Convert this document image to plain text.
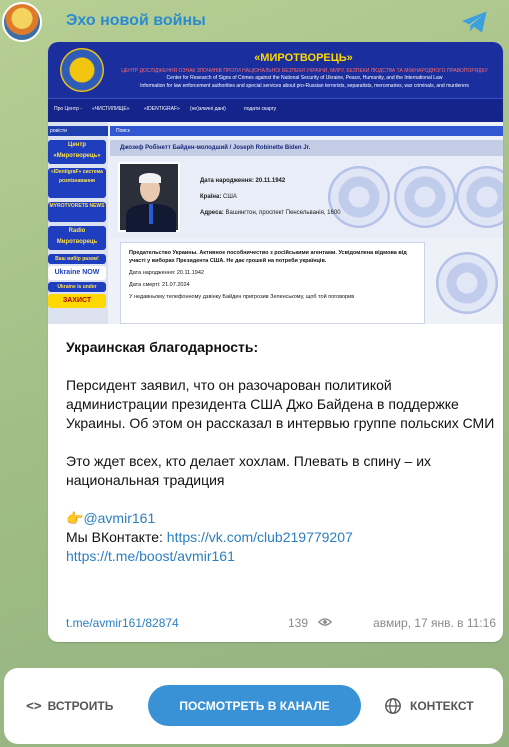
Эхо новой войны
«МИРОТВОРЕЦЬ»
ЦЕНТР ДОСЛІДЖЕННЯ ОЗНАК ЗЛОЧИНІВ ПРОТИ НАЦІОНАЛЬНОЇ БЕЗПЕКИ УКРАЇНИ, МИРУ, БЕЗПЕКИ ЛЮДСТВА ТА МІЖНАРОДНОГО ПРАВОПОРЯДКУ
Center for Research of Signs of Crimes against the National Security of Ukraine, Peace, Humanity, and the International Law
Information for law enforcement authorities and special services about pro-Russian terrorists, separatists, mercenaries, war criminals, and murderers
Про Центр - «ЧИСТИЛИЩЕ»	«IDENTIGRAF» (не)злачні дані)	подати скаргу
ровісти
Центр «Миротворець»
«IDentigraF» система розпізнавання
MYROTVORETS NEWS
Radio Миротворець
Ваш вибір разом!
Ukraine NOW
Ukraine is under
ЗАХИСТ
Поиск
Джозеф Робінетт Байден-молодший / Joseph Robinette Biden Jr.
Дата народження: 20.11.1942
Країна: США
Адреса: Вашингтон, проспект Пенсельванія, 1600

Предательство Украины. Активное пособничество з російськими агентами. Усвідомлена відмова від участі у виборах Президента США. Не дає грошей на потреби українців.

Дата народження: 20.11.1942

Дата смерті: 21.07.2024

У недавньому телефонному дзвінку Байден пригрозив Зеленському, щоб той поговорив

Украинская благодарность:
Персидент заявил, что он разочарован политикой администрации президента США Джо Байдена в поддержке Украины. Об этом он рассказал в интервью группе польских СМИ
Это ждет всех, кто делает хохлам. Плевать в спину – их национальная традиция
👉@avmir161
Мы ВКонтакте: https://vk.com/club219779207
https://t.me/boost/avmir161
t.me/avmir161/82874	139	авмир, 17 янв. в 11:16
<> ВСТРОИТЬ	ПОСМОТРЕТЬ В КАНАЛЕ	КОНТЕКСТ
